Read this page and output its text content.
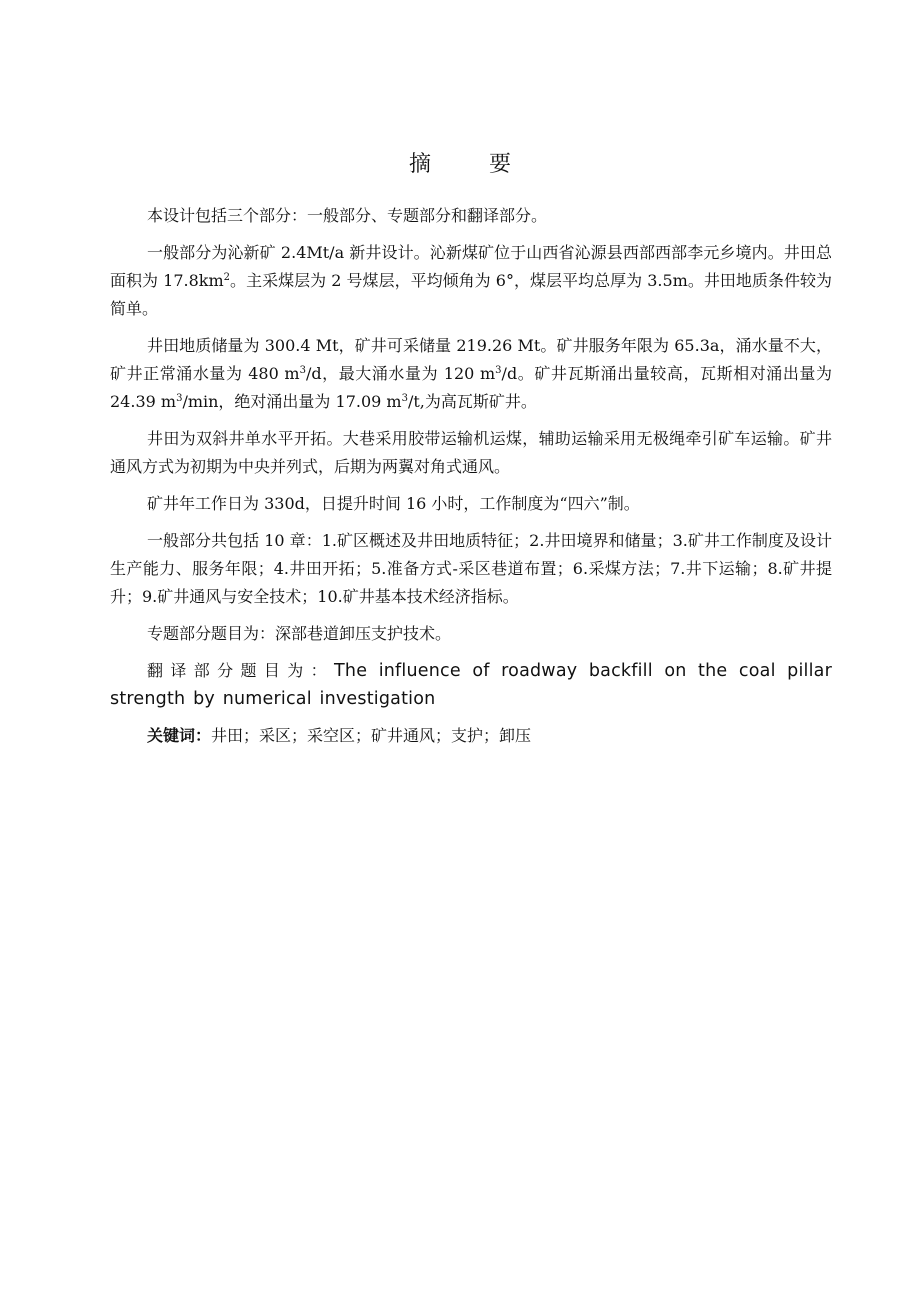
摘　要

本设计包括三个部分：一般部分、专题部分和翻译部分。

一般部分为沁新矿 2.4Mt/a 新井设计。沁新煤矿位于山西省沁源县西部西部李元乡境内。井田总面积为 $17.8km^2$。主采煤层为 2 号煤层，平均倾角为 6°，煤层平均总厚为 3.5m。井田地质条件较为简单。

井田地质储量为 300.4 Mt，矿井可采储量 219.26 Mt。矿井服务年限为 65.3a，涌水量不大，矿井正常涌水量为 480 $m^3/d$，最大涌水量为 120 $m^3/d$。矿井瓦斯涌出量较高，瓦斯相对涌出量为 24.39 $m^3/\min$，绝对涌出量为 17.09 $m^3/t$,为高瓦斯矿井。

井田为双斜井单水平开拓。大巷采用胶带运输机运煤，辅助运输采用无极绳牵引矿车运输。矿井通风方式为初期为中央并列式，后期为两翼对角式通风。

矿井年工作日为 330d，日提升时间 16 小时，工作制度为“四六”制。

一般部分共包括 10 章：1.矿区概述及井田地质特征；2.井田境界和储量；3.矿井工作制度及设计生产能力、服务年限；4.井田开拓；5.准备方式-采区巷道布置；6.采煤方法；7.井下运输；8.矿井提升；9.矿井通风与安全技术；10.矿井基本技术经济指标。

专题部分题目为：深部巷道卸压支护技术。

翻译部分题目为：The influence of roadway backfill on the coal pillar strength by numerical investigation

关键词：井田；采区；采空区；矿井通风；支护；卸压
